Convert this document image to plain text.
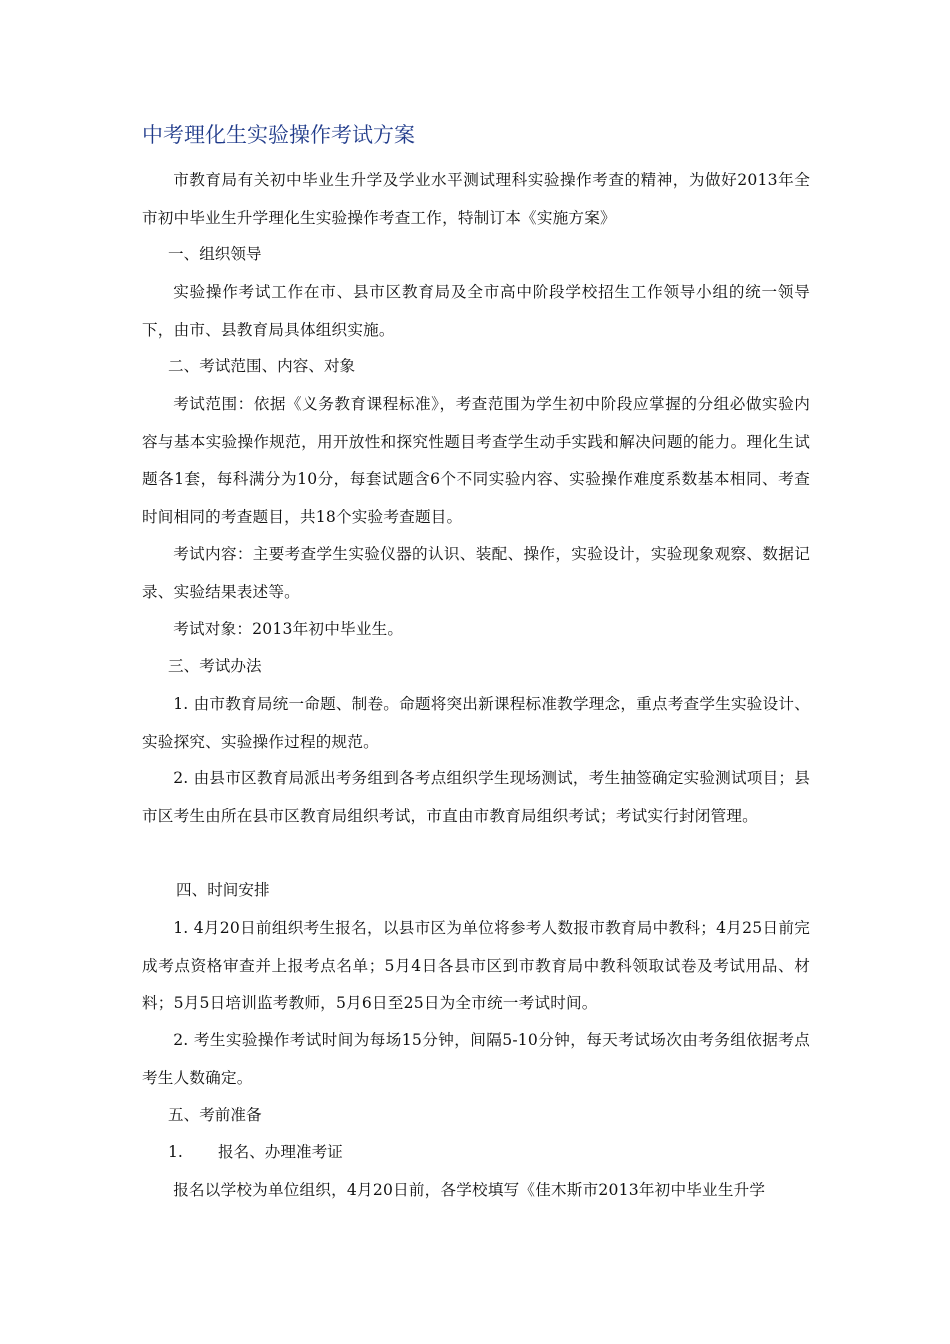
中考理化生实验操作考试方案

市教育局有关初中毕业生升学及学业水平测试理科实验操作考查的精神，为做好2013年全市初中毕业生升学理化生实验操作考查工作，特制订本《实施方案》

一、组织领导

实验操作考试工作在市、县市区教育局及全市高中阶段学校招生工作领导小组的统一领导下，由市、县教育局具体组织实施。

二、考试范围、内容、对象

考试范围：依据《义务教育课程标准》，考查范围为学生初中阶段应掌握的分组必做实验内容与基本实验操作规范，用开放性和探究性题目考查学生动手实践和解决问题的能力。理化生试题各1套，每科满分为10分，每套试题含6个不同实验内容、实验操作难度系数基本相同、考查时间相同的考查题目，共18个实验考查题目。

考试内容：主要考查学生实验仪器的认识、装配、操作，实验设计，实验现象观察、数据记录、实验结果表述等。

考试对象：2013年初中毕业生。

三、考试办法

1. 由市教育局统一命题、制卷。命题将突出新课程标准教学理念，重点考查学生实验设计、实验探究、实验操作过程的规范。

2. 由县市区教育局派出考务组到各考点组织学生现场测试，考生抽签确定实验测试项目；县市区考生由所在县市区教育局组织考试，市直由市教育局组织考试；考试实行封闭管理。

四、时间安排

1. 4月20日前组织考生报名，以县市区为单位将参考人数报市教育局中教科；4月25日前完成考点资格审查并上报考点名单；5月4日各县市区到市教育局中教科领取试卷及考试用品、材料；5月5日培训监考教师，5月6日至25日为全市统一考试时间。

2. 考生实验操作考试时间为每场15分钟，间隔5-10分钟，每天考试场次由考务组依据考点考生人数确定。

五、考前准备
1. 报名、办理准考证

报名以学校为单位组织，4月20日前，各学校填写《佳木斯市2013年初中毕业生升学
